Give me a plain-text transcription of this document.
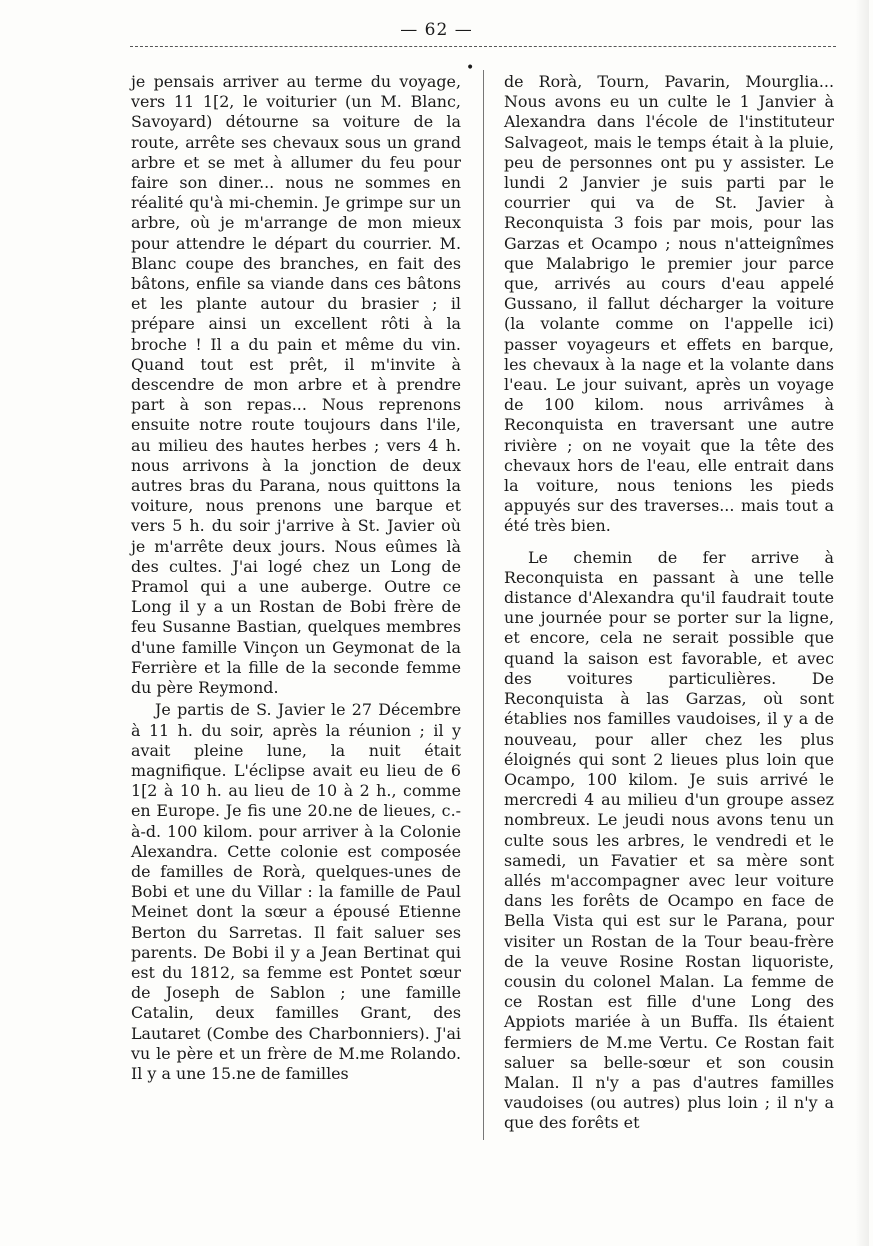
— 62 —
•

je pensais arriver au terme du voyage, vers 11 1[2, le voiturier (un M. Blanc, Savoyard) détourne sa voiture de la route, arrête ses chevaux sous un grand arbre et se met à allumer du feu pour faire son diner... nous ne sommes en réalité qu'à mi-chemin. Je grimpe sur un arbre, où je m'arrange de mon mieux pour attendre le départ du courrier. M. Blanc coupe des branches, en fait des bâtons, enfile sa viande dans ces bâtons et les plante autour du brasier ; il prépare ainsi un excellent rôti à la broche ! Il a du pain et même du vin. Quand tout est prêt, il m'invite à descendre de mon arbre et à prendre part à son repas... Nous reprenons ensuite notre route toujours dans l'ile, au milieu des hautes herbes ; vers 4 h. nous arrivons à la jonction de deux autres bras du Parana, nous quittons la voiture, nous prenons une barque et vers 5 h. du soir j'arrive à St. Javier où je m'arrête deux jours. Nous eûmes là des cultes. J'ai logé chez un Long de Pramol qui a une auberge. Outre ce Long il y a un Rostan de Bobi frère de feu Susanne Bastian, quelques membres d'une famille Vinçon un Geymonat de la Ferrière et la fille de la seconde femme du père Reymond.

Je partis de S. Javier le 27 Décembre à 11 h. du soir, après la réunion ; il y avait pleine lune, la nuit était magnifique. L'éclipse avait eu lieu de 6 1[2 à 10 h. au lieu de 10 à 2 h., comme en Europe. Je fis une 20.ne de lieues, c.-à-d. 100 kilom. pour arriver à la Colonie Alexandra. Cette colonie est composée de familles de Rorà, quelques-unes de Bobi et une du Villar : la famille de Paul Meinet dont la sœur a épousé Etienne Berton du Sarretas. Il fait saluer ses parents. De Bobi il y a Jean Bertinat qui est du 1812, sa femme est Pontet sœur de Joseph de Sablon ; une famille Catalin, deux familles Grant, des Lautaret (Combe des Charbonniers). J'ai vu le père et un frère de M.me Rolando. Il y a une 15.ne de familles

de Rorà, Tourn, Pavarin, Mourglia... Nous avons eu un culte le 1 Janvier à Alexandra dans l'école de l'instituteur Salvageot, mais le temps était à la pluie, peu de personnes ont pu y assister. Le lundi 2 Janvier je suis parti par le courrier qui va de St. Javier à Reconquista 3 fois par mois, pour las Garzas et Ocampo ; nous n'atteignîmes que Malabrigo le premier jour parce que, arrivés au cours d'eau appelé Gussano, il fallut décharger la voiture (la volante comme on l'appelle ici) passer voyageurs et effets en barque, les chevaux à la nage et la volante dans l'eau. Le jour suivant, après un voyage de 100 kilom. nous arrivâmes à Reconquista en traversant une autre rivière ; on ne voyait que la tête des chevaux hors de l'eau, elle entrait dans la voiture, nous tenions les pieds appuyés sur des traverses... mais tout a été très bien.

Le chemin de fer arrive à Reconquista en passant à une telle distance d'Alexandra qu'il faudrait toute une journée pour se porter sur la ligne, et encore, cela ne serait possible que quand la saison est favorable, et avec des voitures particulières. De Reconquista à las Garzas, où sont établies nos familles vaudoises, il y a de nouveau, pour aller chez les plus éloignés qui sont 2 lieues plus loin que Ocampo, 100 kilom. Je suis arrivé le mercredi 4 au milieu d'un groupe assez nombreux. Le jeudi nous avons tenu un culte sous les arbres, le vendredi et le samedi, un Favatier et sa mère sont allés m'accompagner avec leur voiture dans les forêts de Ocampo en face de Bella Vista qui est sur le Parana, pour visiter un Rostan de la Tour beau-frère de la veuve Rosine Rostan liquoriste, cousin du colonel Malan. La femme de ce Rostan est fille d'une Long des Appiots mariée à un Buffa. Ils étaient fermiers de M.me Vertu. Ce Rostan fait saluer sa belle-sœur et son cousin Malan. Il n'y a pas d'autres familles vaudoises (ou autres) plus loin ; il n'y a que des forêts et
